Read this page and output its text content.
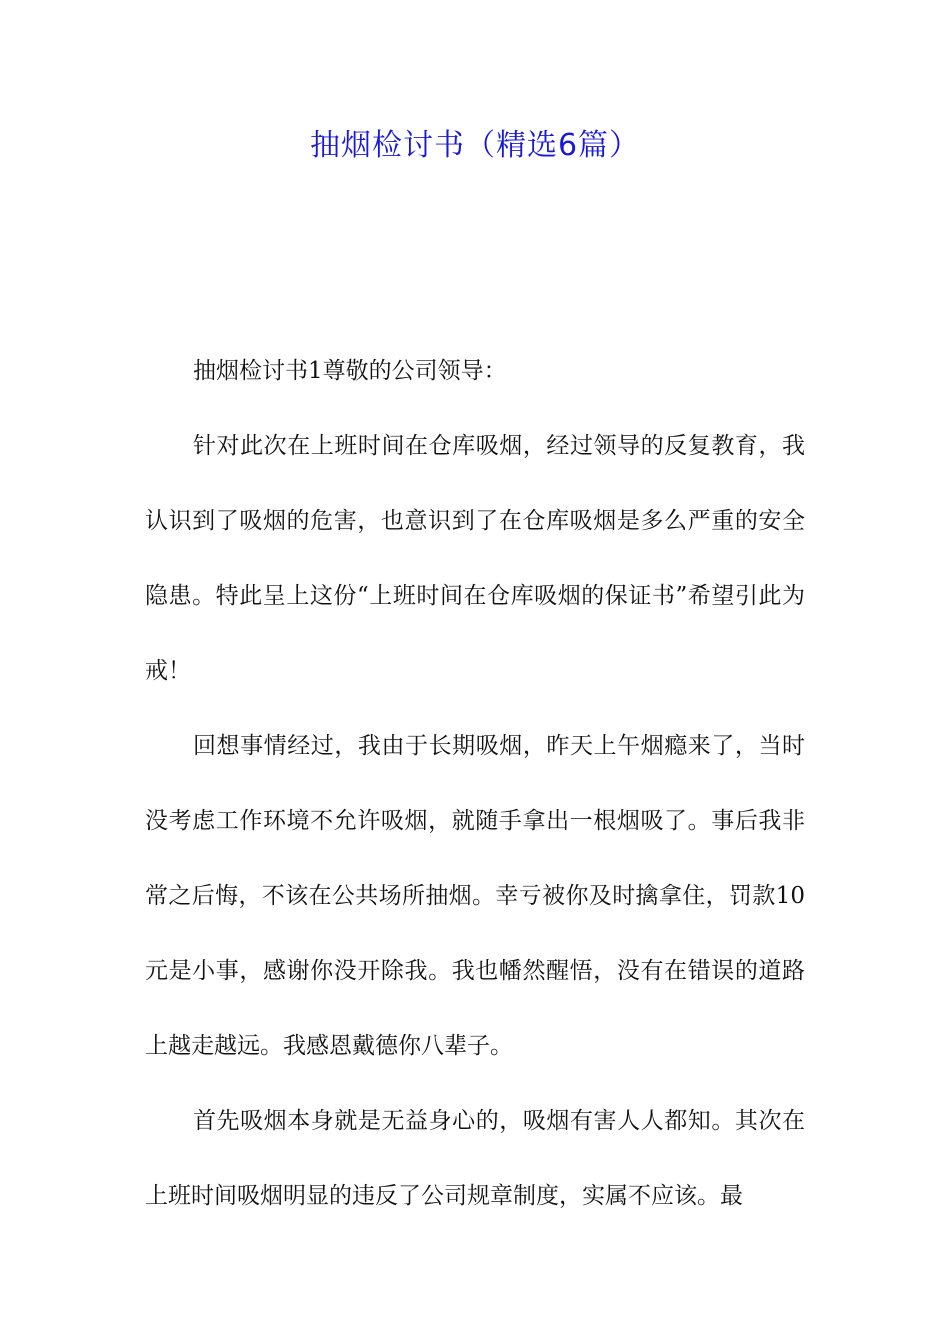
抽烟检讨书（精选6篇）

抽烟检讨书1尊敬的公司领导：

针对此次在上班时间在仓库吸烟，经过领导的反复教育，我认识到了吸烟的危害，也意识到了在仓库吸烟是多么严重的安全隐患。特此呈上这份“上班时间在仓库吸烟的保证书”希望引此为戒！

回想事情经过，我由于长期吸烟，昨天上午烟瘾来了，当时没考虑工作环境不允许吸烟，就随手拿出一根烟吸了。事后我非常之后悔，不该在公共场所抽烟。幸亏被你及时擒拿住，罚款10元是小事，感谢你没开除我。我也幡然醒悟，没有在错误的道路上越走越远。我感恩戴德你八辈子。

首先吸烟本身就是无益身心的，吸烟有害人人都知。其次在上班时间吸烟明显的违反了公司规章制度，实属不应该。最
